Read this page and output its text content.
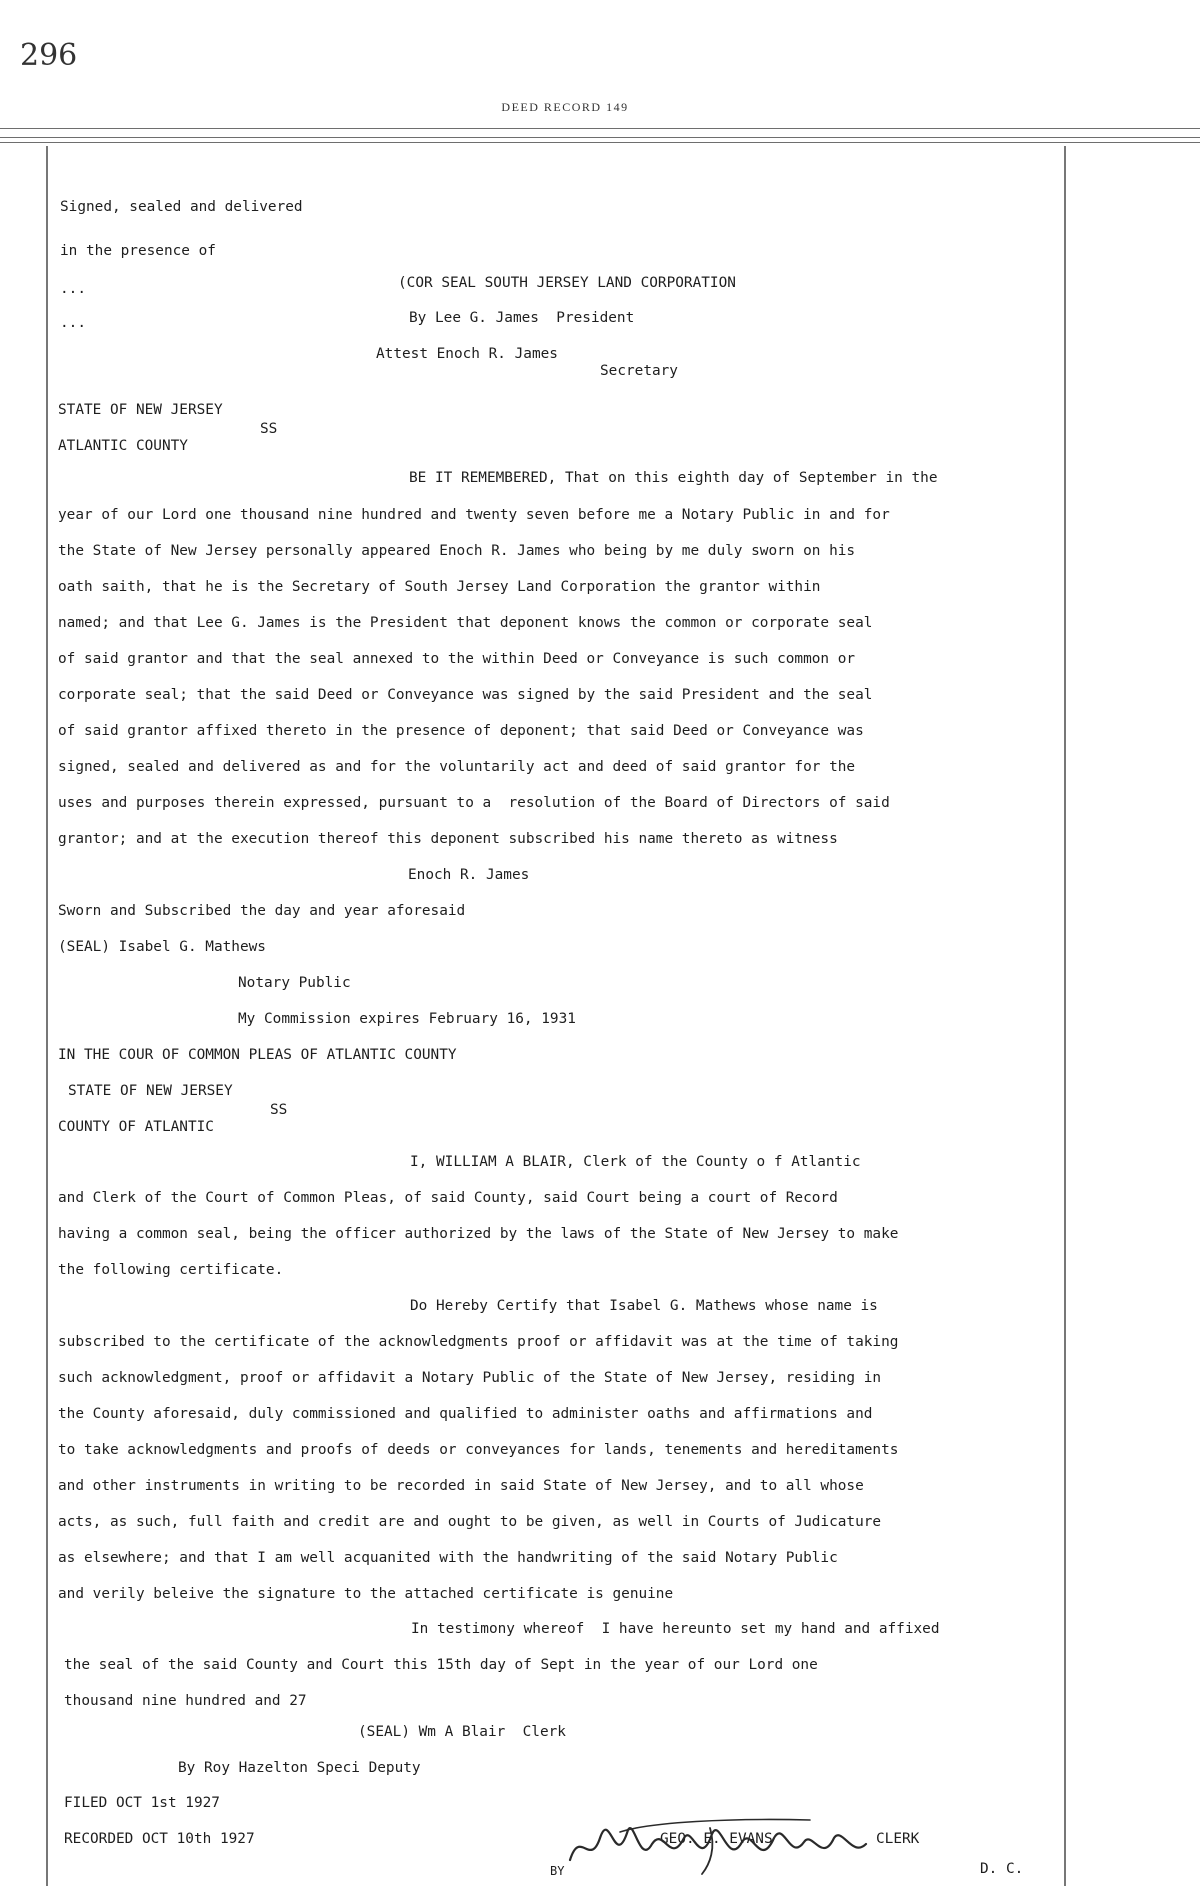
296
DEED RECORD 149
Signed, sealed and delivered
in the presence of
...
...
(COR SEAL SOUTH JERSEY LAND CORPORATION
By Lee G. James  President
Attest Enoch R. James
Secretary
STATE OF NEW JERSEY
SS
ATLANTIC COUNTY
BE IT REMEMBERED, That on this eighth day of September in the
year of our Lord one thousand nine hundred and twenty seven before me a Notary Public in and for
the State of New Jersey personally appeared Enoch R. James who being by me duly sworn on his
oath saith, that he is the Secretary of South Jersey Land Corporation the grantor within
named; and that Lee G. James is the President that deponent knows the common or corporate seal
of said grantor and that the seal annexed to the within Deed or Conveyance is such common or
corporate seal; that the said Deed or Conveyance was signed by the said President and the seal
of said grantor affixed thereto in the presence of deponent; that said Deed or Conveyance was
signed, sealed and delivered as and for the voluntarily act and deed of said grantor for the
uses and purposes therein expressed, pursuant to a  resolution of the Board of Directors of said
grantor; and at the execution thereof this deponent subscribed his name thereto as witness
Enoch R. James
Sworn and Subscribed the day and year aforesaid
(SEAL) Isabel G. Mathews
Notary Public
My Commission expires February 16, 1931
IN THE COUR OF COMMON PLEAS OF ATLANTIC COUNTY
STATE OF NEW JERSEY
SS
COUNTY OF ATLANTIC
I, WILLIAM A BLAIR, Clerk of the County o f Atlantic
and Clerk of the Court of Common Pleas, of said County, said Court being a court of Record
having a common seal, being the officer authorized by the laws of the State of New Jersey to make
the following certificate.
Do Hereby Certify that Isabel G. Mathews whose name is
subscribed to the certificate of the acknowledgments proof or affidavit was at the time of taking
such acknowledgment, proof or affidavit a Notary Public of the State of New Jersey, residing in
the County aforesaid, duly commissioned and qualified to administer oaths and affirmations and
to take acknowledgments and proofs of deeds or conveyances for lands, tenements and hereditaments
and other instruments in writing to be recorded in said State of New Jersey, and to all whose
acts, as such, full faith and credit are and ought to be given, as well in Courts of Judicature
as elsewhere; and that I am well acquanited with the handwriting of the said Notary Public
and verily beleive the signature to the attached certificate is genuine
In testimony whereof  I have hereunto set my hand and affixed
the seal of the said County and Court this 15th day of Sept in the year of our Lord one
thousand nine hundred and 27
(SEAL) Wm A Blair  Clerk
By Roy Hazelton Speci Deputy
FILED OCT 1st 1927
RECORDED OCT 10th 1927
BY
GEO. E. EVANS	CLERK
D. C.
